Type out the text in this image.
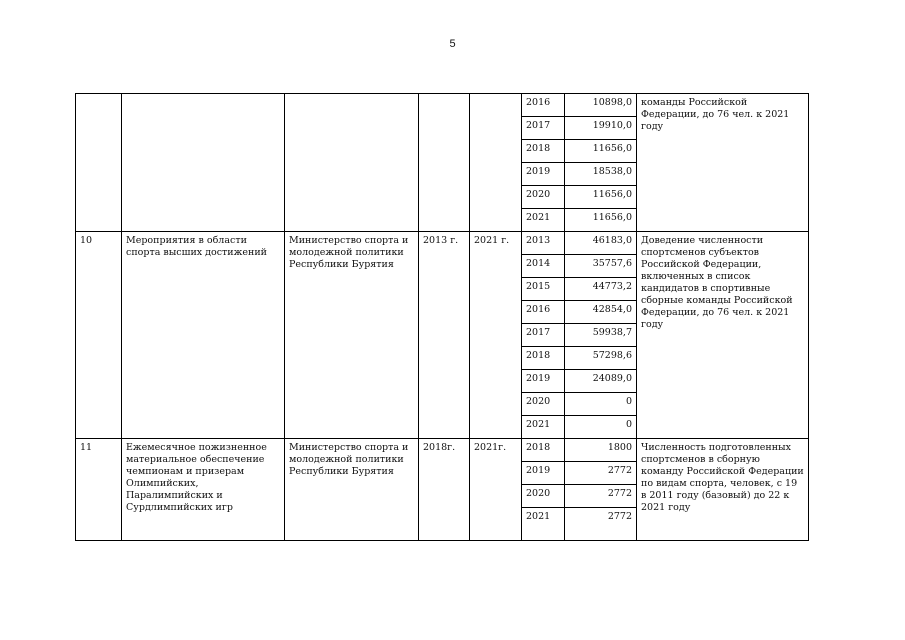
5
					2016	10898,0	команды Российской Федерации, до 76 чел. к 2021 году
					2017	19910,0	
					2018	11656,0	
					2019	18538,0	
					2020	11656,0	
					2021	11656,0	
10	Мероприятия в области спорта высших достижений	Министерство спорта и молодежной политики Республики Бурятия	2013 г.	2021 г.	2013	46183,0	Доведение численности спортсменов субъектов Российской Федерации, включенных в список кандидатов в спортивные сборные команды Российской Федерации, до 76 чел. к 2021 году
					2014	35757,6	
					2015	44773,2	
					2016	42854,0	
					2017	59938,7	
					2018	57298,6	
					2019	24089,0	
					2020	0	
					2021	0	
11	Ежемесячное пожизненное материальное обеспечение чемпионам и призерам Олимпийских, Паралимпийских и Сурдлимпийских игр	Министерство спорта и молодежной политики Республики Бурятия	2018г.	2021г.	2018	1800	Численность подготовленных спортсменов в сборную команду Российской Федерации по видам спорта, человек, с 19 в 2011 году (базовый) до 22 к 2021 году
					2019	2772	
					2020	2772	
					2021	2772	
